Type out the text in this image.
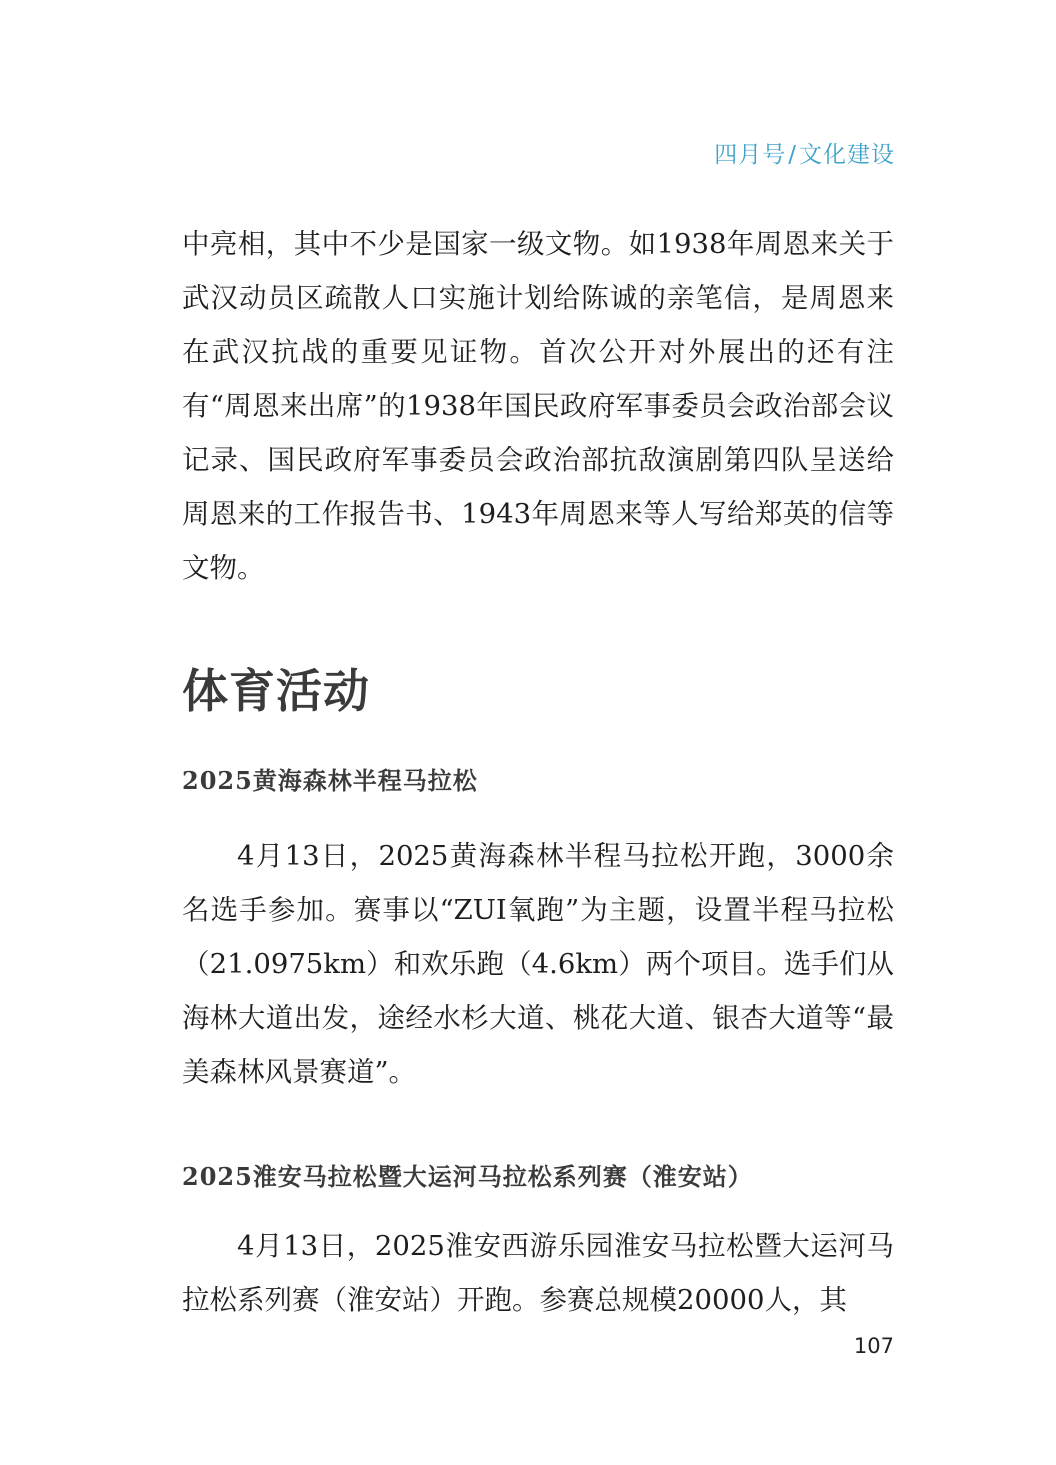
四月号/文化建设

中亮相，其中不少是国家一级文物。如1938年周恩来关于武汉动员区疏散人口实施计划给陈诚的亲笔信，是周恩来在武汉抗战的重要见证物。首次公开对外展出的还有注有“周恩来出席”的1938年国民政府军事委员会政治部会议记录、国民政府军事委员会政治部抗敌演剧第四队呈送给周恩来的工作报告书、1943年周恩来等人写给郑英的信等文物。

体育活动
2025黄海森林半程马拉松

4月13日，2025黄海森林半程马拉松开跑，3000余名选手参加。赛事以“ZUI氧跑”为主题，设置半程马拉松（21.0975km）和欢乐跑（4.6km）两个项目。选手们从海林大道出发，途经水杉大道、桃花大道、银杏大道等“最美森林风景赛道”。

2025淮安马拉松暨大运河马拉松系列赛（淮安站）

4月13日，2025淮安西游乐园淮安马拉松暨大运河马拉松系列赛（淮安站）开跑。参赛总规模20000人，其

107
